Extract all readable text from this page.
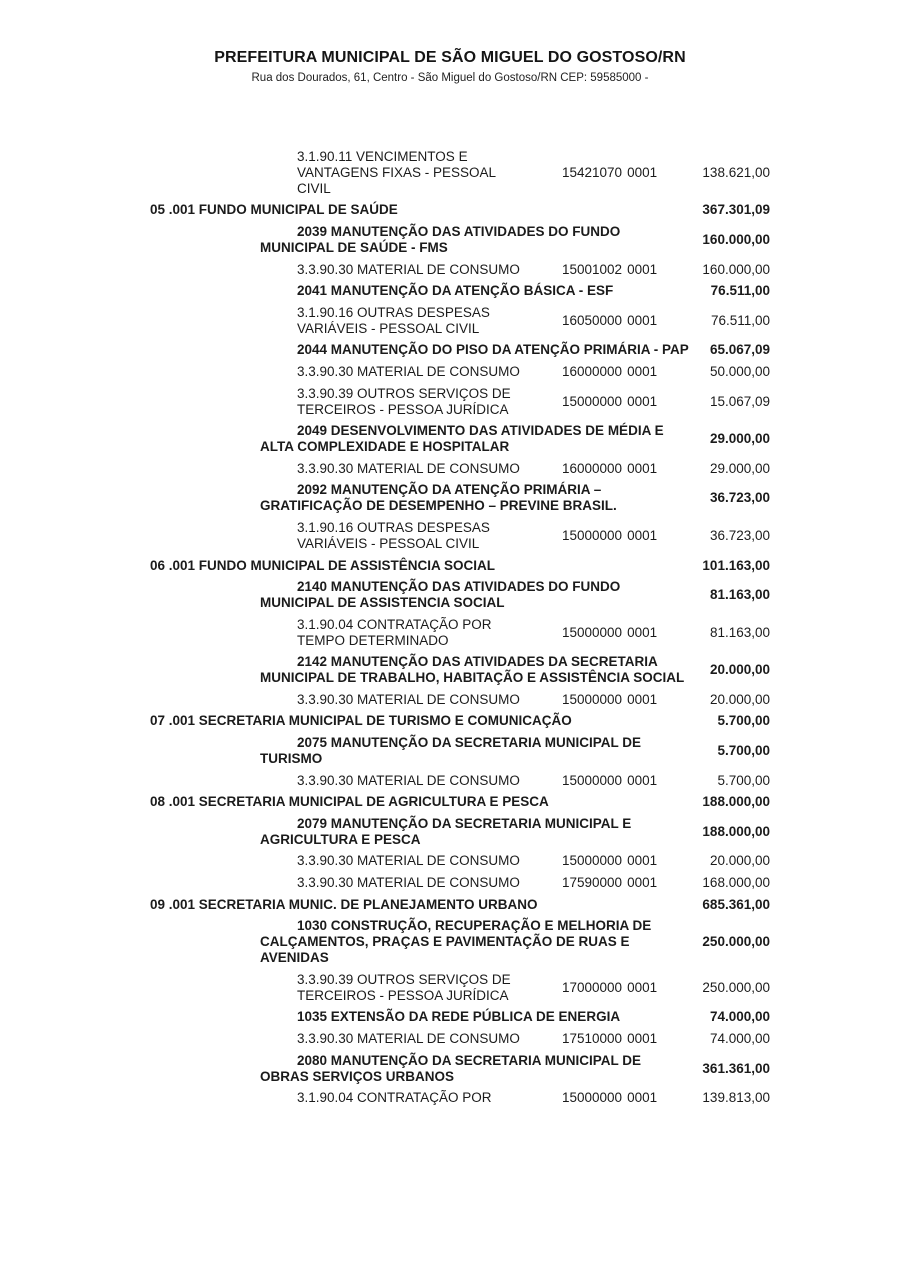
PREFEITURA MUNICIPAL DE SÃO MIGUEL DO GOSTOSO/RN
Rua dos Dourados, 61, Centro - São Miguel do Gostoso/RN CEP: 59585000 -
3.1.90.11 VENCIMENTOS E VANTAGENS FIXAS - PESSOAL CIVIL
15421070 0001	138.621,00
05 .001 FUNDO MUNICIPAL DE SAÚDE	367.301,09
2039 MANUTENÇÃO DAS ATIVIDADES DO FUNDO MUNICIPAL DE SAÚDE - FMS
160.000,00
3.3.90.30 MATERIAL DE CONSUMO	15001002 0001	160.000,00
2041 MANUTENÇÃO DA ATENÇÃO BÁSICA - ESF	76.511,00
3.1.90.16 OUTRAS DESPESAS VARIÁVEIS - PESSOAL CIVIL
16050000 0001	76.511,00
2044 MANUTENÇÃO DO PISO DA ATENÇÃO PRIMÁRIA - PAP	65.067,09
3.3.90.30 MATERIAL DE CONSUMO	16000000 0001	50.000,00
3.3.90.39 OUTROS SERVIÇOS DE TERCEIROS - PESSOA JURÍDICA
15000000 0001	15.067,09
2049 DESENVOLVIMENTO DAS ATIVIDADES DE MÉDIA E ALTA COMPLEXIDADE E HOSPITALAR
29.000,00
3.3.90.30 MATERIAL DE CONSUMO	16000000 0001	29.000,00
2092 MANUTENÇÃO DA ATENÇÃO PRIMÁRIA – GRATIFICAÇÃO DE DESEMPENHO – PREVINE BRASIL.
36.723,00
3.1.90.16 OUTRAS DESPESAS VARIÁVEIS - PESSOAL CIVIL
15000000 0001	36.723,00
06 .001 FUNDO MUNICIPAL DE ASSISTÊNCIA SOCIAL	101.163,00
2140 MANUTENÇÃO DAS ATIVIDADES DO FUNDO MUNICIPAL DE ASSISTENCIA SOCIAL
81.163,00
3.1.90.04 CONTRATAÇÃO POR TEMPO DETERMINADO
15000000 0001	81.163,00
2142 MANUTENÇÃO DAS ATIVIDADES DA SECRETARIA MUNICIPAL DE TRABALHO, HABITAÇÃO E ASSISTÊNCIA SOCIAL
20.000,00
3.3.90.30 MATERIAL DE CONSUMO	15000000 0001	20.000,00
07 .001 SECRETARIA MUNICIPAL DE TURISMO E COMUNICAÇÃO	5.700,00
2075 MANUTENÇÃO DA SECRETARIA MUNICIPAL DE TURISMO
5.700,00
3.3.90.30 MATERIAL DE CONSUMO	15000000 0001	5.700,00
08 .001 SECRETARIA MUNICIPAL DE AGRICULTURA E PESCA	188.000,00
2079 MANUTENÇÃO DA SECRETARIA MUNICIPAL E AGRICULTURA E PESCA
188.000,00
3.3.90.30 MATERIAL DE CONSUMO	15000000 0001	20.000,00
3.3.90.30 MATERIAL DE CONSUMO	17590000 0001	168.000,00
09 .001 SECRETARIA MUNIC. DE PLANEJAMENTO URBANO	685.361,00
1030 CONSTRUÇÃO, RECUPERAÇÃO E MELHORIA DE CALÇAMENTOS, PRAÇAS E PAVIMENTAÇÃO DE RUAS E AVENIDAS
250.000,00
3.3.90.39 OUTROS SERVIÇOS DE TERCEIROS - PESSOA JURÍDICA
17000000 0001	250.000,00
1035 EXTENSÃO DA REDE PÚBLICA DE ENERGIA	74.000,00
3.3.90.30 MATERIAL DE CONSUMO	17510000 0001	74.000,00
2080 MANUTENÇÃO DA SECRETARIA MUNICIPAL DE OBRAS SERVIÇOS URBANOS
361.361,00
3.1.90.04 CONTRATAÇÃO POR	15000000 0001	139.813,00
